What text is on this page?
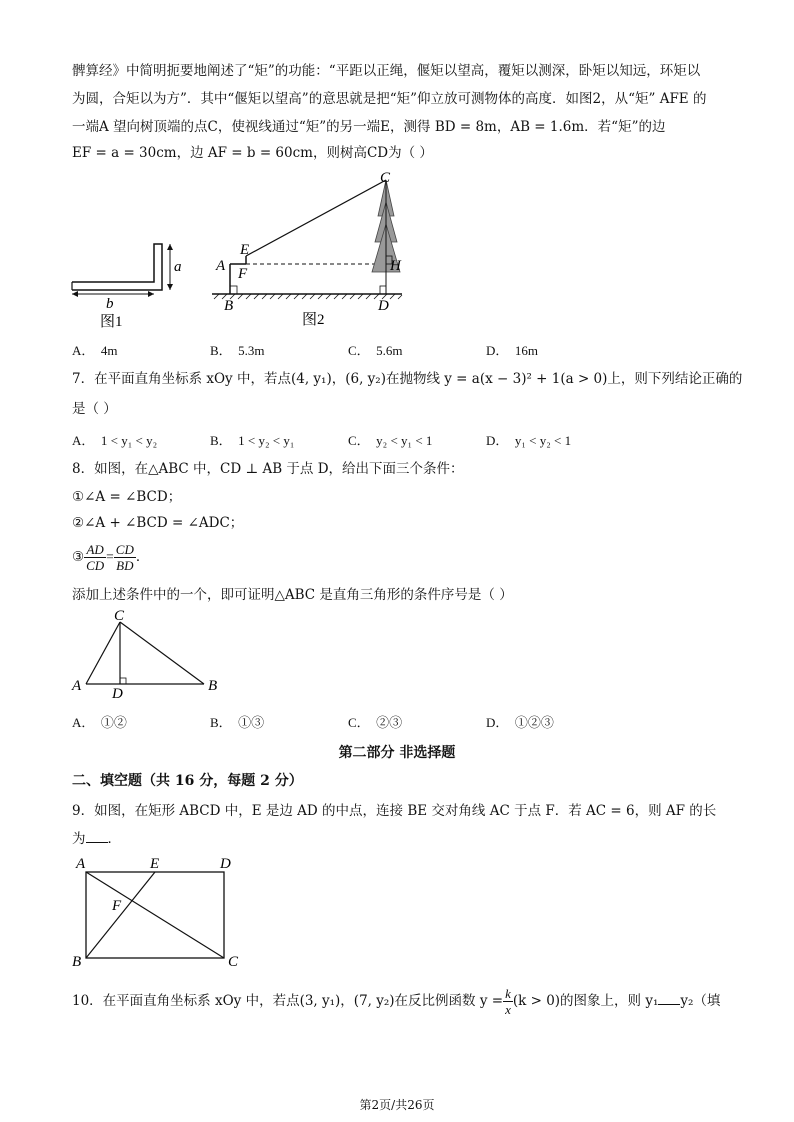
髀算经》中简明扼要地阐述了“矩”的功能：“平距以正绳，偃矩以望高，覆矩以测深，卧矩以知远，环矩以
为圆，合矩以为方”．其中“偃矩以望高”的意思就是把“矩”仰立放可测物体的高度．如图2，从“矩” AFE 的
一端A 望向树顶端的点C，使视线通过“矩”的另一端E，测得 BD = 8m，AB = 1.6m．若“矩”的边
EF = a = 30cm，边 AF = b = 60cm，则树高CD为（ ）
a
b
图1
C
E
A F	H
B	D
图2
A． 4m	B． 5.3m	C． 5.6m	D． 16m
7．在平面直角坐标系 xOy 中，若点(4, y₁)，(6, y₂)在抛物线 y = a(x − 3)² + 1(a > 0)上，则下列结论正确的
是（ ）
A． 1 < y₁ < y₂	B． 1 < y₂ < y₁	C． y₂ < y₁ < 1	D． y₁ < y₂ < 1
8．如图，在△ABC 中，CD ⊥ AB 于点 D，给出下面三个条件：
①∠A = ∠BCD；
②∠A + ∠BCD = ∠ADC；
③ $\frac{AD}{CD} = \frac{CD}{BD}$ ．
添加上述条件中的一个，即可证明△ABC 是直角三角形的条件序号是（ ）
C
A D	B
A． ①②	B． ①③	C． ②③	D． ①②③
第二部分 非选择题
二、填空题（共 16 分，每题 2 分）
9．如图，在矩形 ABCD 中，E 是边 AD 的中点，连接 BE 交对角线 AC 于点 F．若 AC = 6，则 AF 的长
为 ．
A	E	D
F
B	C
10．在平面直角坐标系 xOy 中，若点(3, y₁)，(7, y₂)在反比例函数 $y = \frac{k}{x} (k > 0)$的图象上，则 y₁ y₂（填
第2页/共26页
